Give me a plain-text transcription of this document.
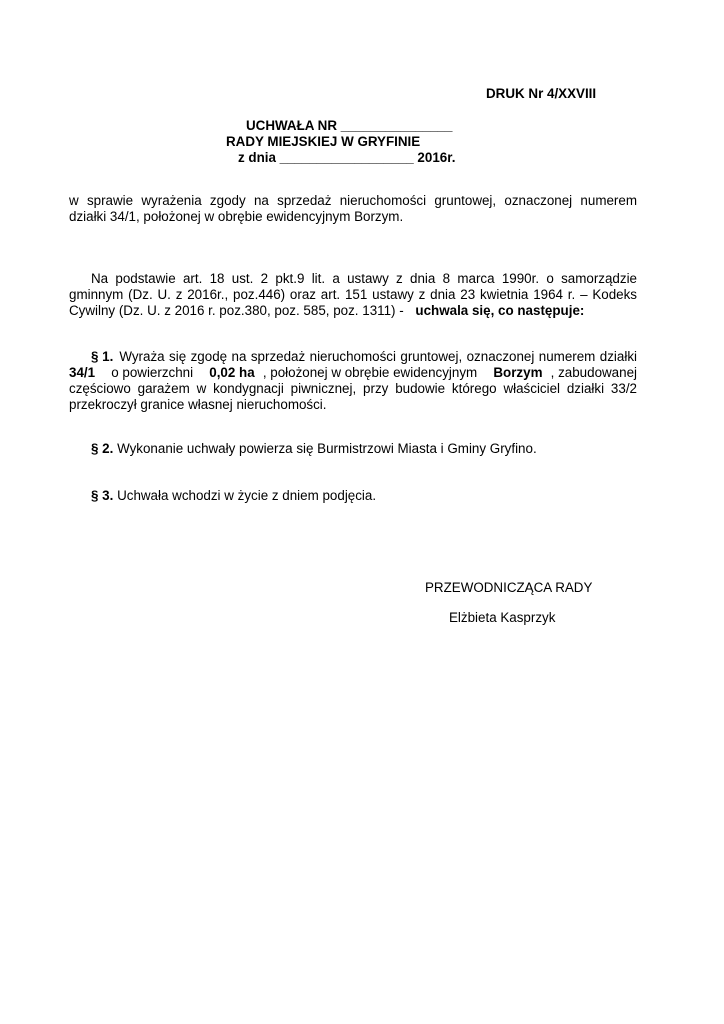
DRUK Nr 4/XXVIII
UCHWAŁA NR _______________
RADY MIEJSKIEJ W GRYFINIE
z dnia __________________ 2016r.
w sprawie wyrażenia zgody na sprzedaż nieruchomości gruntowej, oznaczonej numerem
działki 34/1, położonej w obrębie ewidencyjnym Borzym.
Na podstawie art. 18 ust. 2 pkt.9 lit. a ustawy z dnia 8 marca 1990r. o samorządzie
gminnym (Dz. U. z 2016r., poz.446) oraz art. 151 ustawy z dnia 23 kwietnia 1964 r. – Kodeks
Cywilny (Dz. U. z 2016 r. poz.380, poz. 585, poz. 1311) - uchwala się, co następuje:
§ 1. Wyraża się zgodę na sprzedaż nieruchomości gruntowej, oznaczonej numerem działki
34/1 o powierzchni 0,02 ha , położonej w obrębie ewidencyjnym Borzym , zabudowanej
częściowo garażem w kondygnacji piwnicznej, przy budowie którego właściciel działki 33/2
przekroczył granice własnej nieruchomości.
§ 2. Wykonanie uchwały powierza się Burmistrzowi Miasta i Gminy Gryfino.
§ 3. Uchwała wchodzi w życie z dniem podjęcia.
PRZEWODNICZĄCA RADY
Elżbieta Kasprzyk
